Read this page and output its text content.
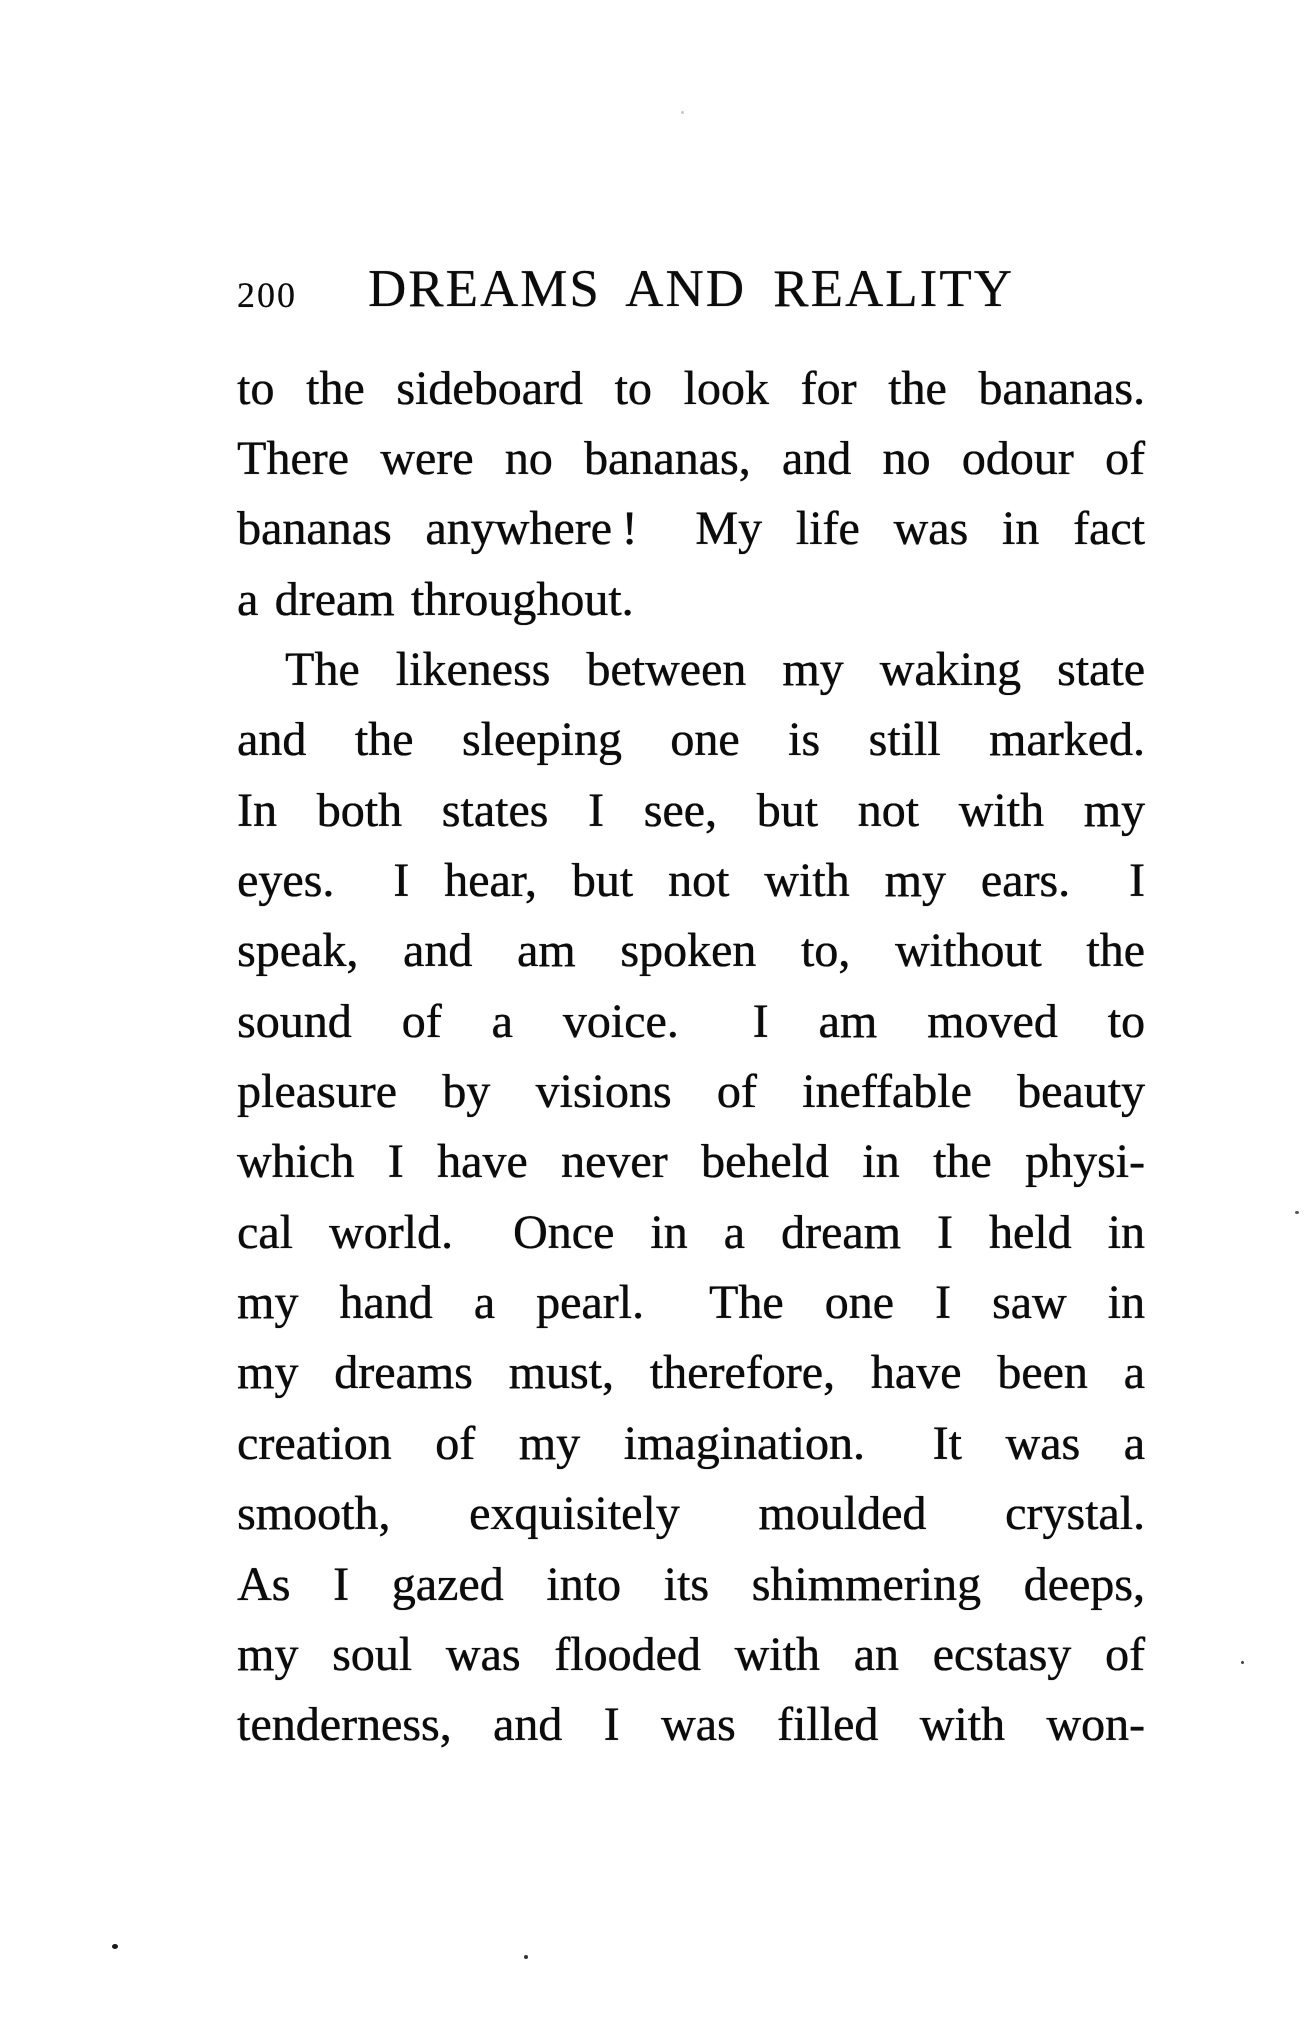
200	DREAMS AND REALITY
to the sideboard to look for the bananas.
There were no bananas, and no odour of
bananas anywhere !  My life was in fact
a dream throughout.
The likeness between my waking state
and the sleeping one is still marked.
In both states I see, but not with my
eyes.  I hear, but not with my ears.  I
speak, and am spoken to, without the
sound of a voice.  I am moved to
pleasure by visions of ineffable beauty
which I have never beheld in the physi-
cal world.  Once in a dream I held in
my hand a pearl.  The one I saw in
my dreams must, therefore, have been a
creation of my imagination.  It was a
smooth, exquisitely moulded crystal.
As I gazed into its shimmering deeps,
my soul was flooded with an ecstasy of
tenderness, and I was filled with won-
